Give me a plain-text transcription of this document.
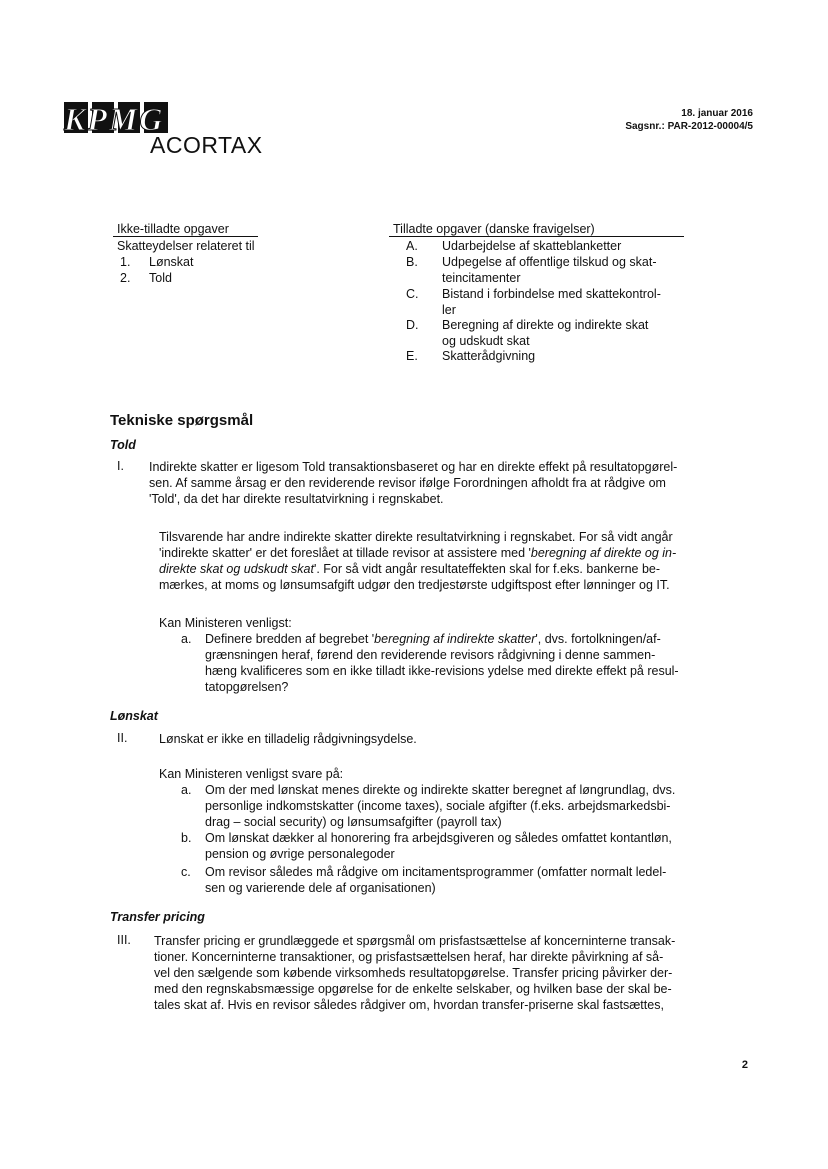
KPMG
ACORTAX
18. januar 2016
Sagsnr.: PAR-2012-00004/5
Ikke-tilladte opgaver	Tilladte opgaver (danske fravigelser)
Skatteydelser relateret til
1. Lønskat
2. Told
A. Udarbejdelse af skatteblanketter
B. Udpegelse af offentlige tilskud og skat-
teincitamenter
C. Bistand i forbindelse med skattekontrol-
ler
D. Beregning af direkte og indirekte skat
og udskudt skat
E. Skatterådgivning
Tekniske spørgsmål
Told
I. Indirekte skatter er ligesom Told transaktionsbaseret og har en direkte effekt på resultatopgørel-
sen. Af samme årsag er den reviderende revisor ifølge Forordningen afholdt fra at rådgive om
'Told', da det har direkte resultatvirkning i regnskabet.
Tilsvarende har andre indirekte skatter direkte resultatvirkning i regnskabet. For så vidt angår
'indirekte skatter' er det foreslået at tillade revisor at assistere med 'beregning af direkte og in-
direkte skat og udskudt skat'. For så vidt angår resultateffekten skal for f.eks. bankerne be-
mærkes, at moms og lønsumsafgift udgør den tredjestørste udgiftspost efter lønninger og IT.
Kan Ministeren venligst:
a. Definere bredden af begrebet 'beregning af indirekte skatter', dvs. fortolkningen/af-
grænsningen heraf, førend den reviderende revisors rådgivning i denne sammen-
hæng kvalificeres som en ikke tilladt ikke-revisions ydelse med direkte effekt på resul-
tatopgørelsen?
Lønskat
II.	Lønskat er ikke en tilladelig rådgivningsydelse.
Kan Ministeren venligst svare på:
a. Om der med lønskat menes direkte og indirekte skatter beregnet af løngrundlag, dvs.
personlige indkomstskatter (income taxes), sociale afgifter (f.eks. arbejdsmarkedsbi-
drag – social security) og lønsumsafgifter (payroll tax)
b. Om lønskat dækker al honorering fra arbejdsgiveren og således omfattet kontantløn,
pension og øvrige personalegoder
c. Om revisor således må rådgive om incitamentsprogrammer (omfatter normalt ledel-
sen og varierende dele af organisationen)
Transfer pricing
III. Transfer pricing er grundlæggede et spørgsmål om prisfastsættelse af koncerninterne transak-
tioner. Koncerninterne transaktioner, og prisfastsættelsen heraf, har direkte påvirkning af så-
vel den sælgende som købende virksomheds resultatopgørelse. Transfer pricing påvirker der-
med den regnskabsmæssige opgørelse for de enkelte selskaber, og hvilken base der skal be-
tales skat af. Hvis en revisor således rådgiver om, hvordan transfer-priserne skal fastsættes,
2
